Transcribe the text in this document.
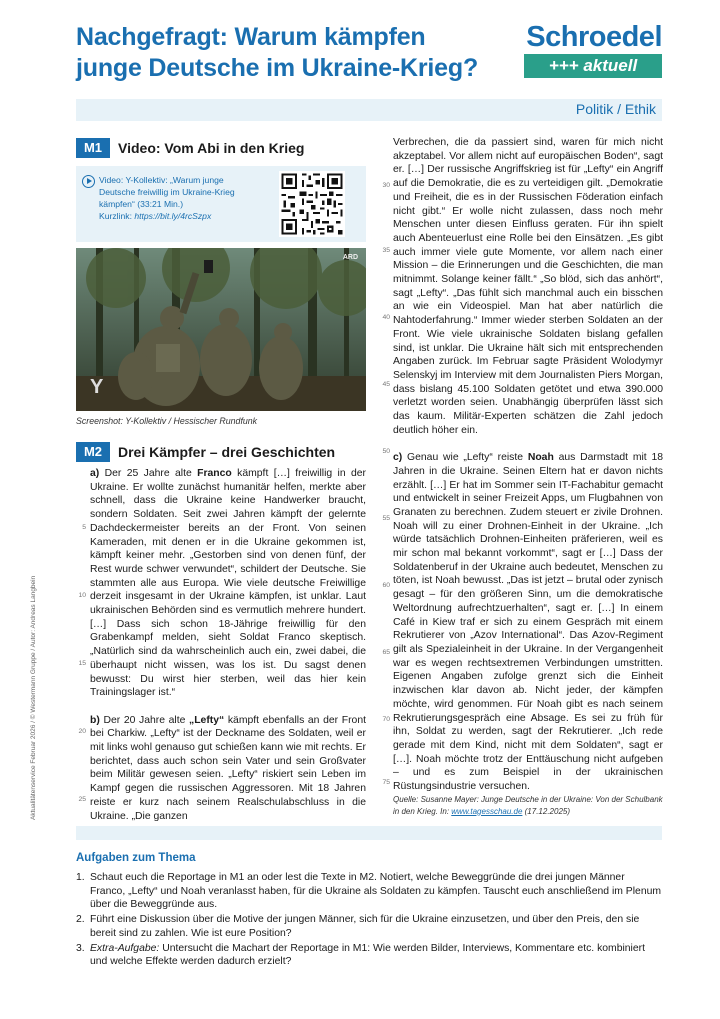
Nachgefragt: Warum kämpfen
junge Deutsche im Ukraine-Krieg?
Schroedel
+++ aktuell
Politik / Ethik
Aktualitätenservice Februar 2026 / © Westermann Gruppe / Autor: Andreas Langbein
M1	Video: Vom Abi in den Krieg
Video: Y-Kollektiv: „Warum junge
Deutsche freiwillig im Ukraine-Krieg
kämpfen“ (33:21 Min.)
Kurzlink: https://bit.ly/4rcSzpx
ARD
Y
Screenshot: Y-Kollektiv / Hessischer Rundfunk
M2	Drei Kämpfer – drei Geschichten

a) Der 25 Jahre alte Franco kämpft […] freiwillig in der Ukraine. Er wollte zunächst humanitär helfen, merkte aber schnell, dass die Ukraine keine Handwerker braucht, sondern Soldaten. Seit zwei Jahren kämpft der gelernte Dachdeckermeister bereits an der Front. Von seinen Kameraden, mit denen er in die Ukraine gekommen ist, kämpft keiner mehr. „Gestorben sind von denen fünf, der Rest wurde schwer verwundet“, schildert der Deutsche. Sie stammten alle aus Europa. Wie viele deutsche Freiwillige derzeit insgesamt in der Ukraine kämpfen, ist unklar. Laut ukrainischen Behörden sind es vermutlich mehrere hundert. […] Dass sich schon 18-Jährige freiwillig für den Grabenkampf melden, sieht Soldat Franco skeptisch. „Natürlich sind da wahrscheinlich auch ein, zwei dabei, die überhaupt nicht wissen, was los ist. Du sagst denen bewusst: Du wirst hier sterben, weil das hier kein Trainingslager ist.“

b) Der 20 Jahre alte „Lefty“ kämpft ebenfalls an der Front bei Charkiw. „Lefty“ ist der Deckname des Soldaten, weil er mit links wohl genauso gut schießen kann wie mit rechts. Er berichtet, dass auch schon sein Vater und sein Großvater beim Militär gewesen seien. „Lefty“ riskiert sein Leben im Kampf gegen die russischen Aggressoren. Mit 18 Jahren reiste er kurz nach seinem Realschulabschluss in die Ukraine. „Die ganzen

Verbrechen, die da passiert sind, waren für mich nicht akzeptabel. Vor allem nicht auf europäischen Boden“, sagt er. […] Der russische Angriffskrieg ist für „Lefty“ ein Angriff auf die Demokratie, die es zu verteidigen gilt. „Demokratie und Freiheit, die es in der Russischen Föderation einfach nicht gibt.“ Er wolle nicht zulassen, dass noch mehr Menschen unter diesen Einfluss geraten. Für ihn spielt auch Abenteuerlust eine Rolle bei den Einsätzen. „Es gibt auch immer viele gute Momente, vor allem nach einer Mission – die Erinnerungen und die Geschichten, die man mitnimmt. Solange keiner fällt.“ „So blöd, sich das anhört“, sagt „Lefty“. „Das fühlt sich manchmal auch ein bisschen an wie ein Videospiel. Man hat aber natürlich die Nahtoderfahrung.“ Immer wieder sterben Soldaten an der Front. Wie viele ukrainische Soldaten bislang gefallen sind, ist unklar. Die Ukraine hält sich mit entsprechenden Angaben zurück. Im Februar sagte Präsident Wolodymyr Selenskyj im Interview mit dem Journalisten Piers Morgan, dass bislang 45.100 Soldaten getötet und etwa 390.000 verletzt worden seien. Unabhängig überprüfen lässt sich das kaum. Militär-Experten schätzen die Zahl jedoch deutlich höher ein.

c) Genau wie „Lefty“ reiste Noah aus Darmstadt mit 18 Jahren in die Ukraine. Seinen Eltern hat er davon nichts erzählt. […] Er hat im Sommer sein IT-Fachabitur gemacht und entwickelt in seiner Freizeit Apps, um Flugbahnen von Granaten zu berechnen. Zudem steuert er zivile Drohnen. Noah will zu einer Drohnen-Einheit in der Ukraine. „Ich würde tatsächlich Drohnen-Einheiten präferieren, weil es mir schon mal bekannt vorkommt“, sagt er […] Dass der Soldatenberuf in der Ukraine auch bedeutet, Menschen zu töten, ist Noah bewusst. „Das ist jetzt – brutal oder zynisch gesagt – für den größeren Sinn, um die demokratische Weltordnung aufrechtzuerhalten“, sagt er. […] In einem Café in Kiew traf er sich zu einem Gespräch mit einem Rekrutierer von „Azov International“. Das Azov-Regiment gilt als Spezialeinheit in der Ukraine. In der Vergangenheit war es wegen rechtsextremen Verbindungen umstritten. Eigenen Angaben zufolge grenzt sich die Einheit inzwischen klar davon ab. Nicht jeder, der kämpfen möchte, wird genommen. Für Noah gibt es nach seinem Rekrutierungsgespräch eine Absage. Es sei zu früh für ihn, Soldat zu werden, sagt der Rekrutierer. „Ich rede gerade mit dem Kind, nicht mit dem Soldaten“, sagt er […]. Noah möchte trotz der Enttäuschung nicht aufgeben – und es zum Beispiel in der ukrainischen Rüstungsindustrie versuchen.

Quelle: Susanne Mayer: Junge Deutsche in der Ukraine: Von der Schulbank in den Krieg. In: www.tagesschau.de (17.12.2025)

5
10
15
20
25
30
35
40
45
50
55
60
65
70
75
Aufgaben zum Thema
1. Schaut euch die Reportage in M1 an oder lest die Texte in M2. Notiert, welche Beweggründe die drei jungen Männer Franco, „Lefty“ und Noah veranlasst haben, für die Ukraine als Soldaten zu kämpfen. Tauscht euch anschließend im Plenum über die Beweggründe aus.
2. Führt eine Diskussion über die Motive der jungen Männer, sich für die Ukraine einzusetzen, und über den Preis, den sie bereit sind zu zahlen. Wie ist eure Position?
3. Extra-Aufgabe: Untersucht die Machart der Reportage in M1: Wie werden Bilder, Interviews, Kommentare etc. kombiniert und welche Effekte werden dadurch erzielt?
